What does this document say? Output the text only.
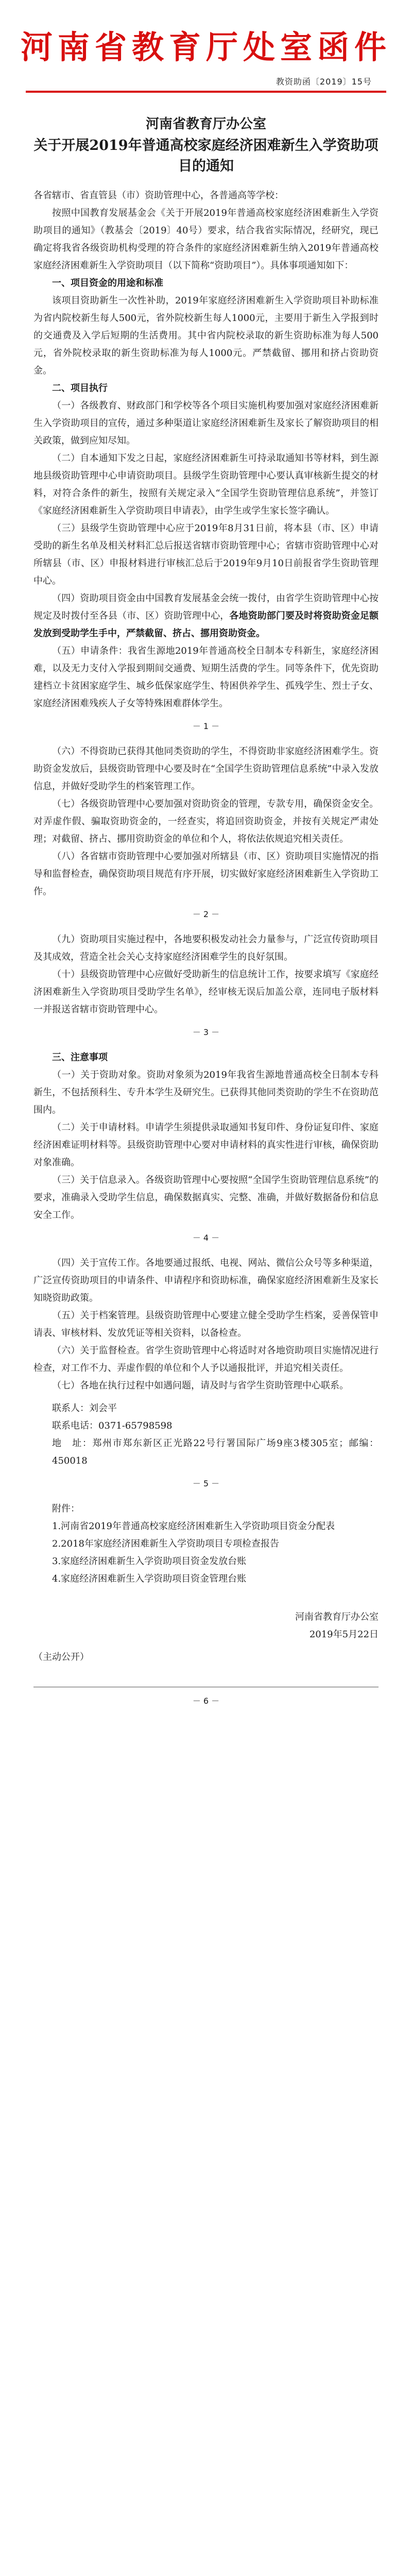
河南省教育厅处室函件
教资助函〔2019〕15号
河南省教育厅办公室
关于开展2019年普通高校家庭经济困难新生入学资助项目的通知

各省辖市、省直管县（市）资助管理中心，各普通高等学校：

按照中国教育发展基金会《关于开展2019年普通高校家庭经济困难新生入学资助项目的通知》（教基会〔2019〕40号）要求，结合我省实际情况，经研究，现已确定将我省各级资助机构受理的符合条件的家庭经济困难新生纳入2019年普通高校家庭经济困难新生入学资助项目（以下简称“资助项目”）。具体事项通知如下：

一、项目资金的用途和标准

该项目资助新生一次性补助，2019年家庭经济困难新生入学资助项目补助标准为省内院校新生每人500元，省外院校新生每人1000元，主要用于新生入学报到时的交通费及入学后短期的生活费用。其中省内院校录取的新生资助标准为每人500元，省外院校录取的新生资助标准为每人1000元。严禁截留、挪用和挤占资助资金。

二、项目执行

（一）各级教育、财政部门和学校等各个项目实施机构要加强对家庭经济困难新生入学资助项目的宣传，通过多种渠道让家庭经济困难新生及家长了解资助项目的相关政策，做到应知尽知。

（二）自本通知下发之日起，家庭经济困难新生可持录取通知书等材料，到生源地县级资助管理中心申请资助项目。县级学生资助管理中心要认真审核新生提交的材料，对符合条件的新生，按照有关规定录入“全国学生资助管理信息系统”，并签订《家庭经济困难新生入学资助项目申请表》，由学生或学生家长签字确认。

（三）县级学生资助管理中心应于2019年8月31日前，将本县（市、区）申请受助的新生名单及相关材料汇总后报送省辖市资助管理中心；省辖市资助管理中心对所辖县（市、区）申报材料进行审核汇总后于2019年9月10日前报省学生资助管理中心。

（四）资助项目资金由中国教育发展基金会统一拨付，由省学生资助管理中心按规定及时拨付至各县（市、区）资助管理中心，各地资助部门要及时将资助资金足额发放到受助学生手中，严禁截留、挤占、挪用资助资金。

（五）申请条件：我省生源地2019年普通高校全日制本专科新生，家庭经济困难，以及无力支付入学报到期间交通费、短期生活费的学生。同等条件下，优先资助建档立卡贫困家庭学生、城乡低保家庭学生、特困供养学生、孤残学生、烈士子女、家庭经济困难残疾人子女等特殊困难群体学生。

－ 1 －

（六）不得资助已获得其他同类资助的学生，不得资助非家庭经济困难学生。资助资金发放后，县级资助管理中心要及时在“全国学生资助管理信息系统”中录入发放信息，并做好受助学生的档案管理工作。

（七）各级资助管理中心要加强对资助资金的管理，专款专用，确保资金安全。对弄虚作假、骗取资助资金的，一经查实，将追回资助资金，并按有关规定严肃处理；对截留、挤占、挪用资助资金的单位和个人，将依法依规追究相关责任。

（八）各省辖市资助管理中心要加强对所辖县（市、区）资助项目实施情况的指导和监督检查，确保资助项目规范有序开展，切实做好家庭经济困难新生入学资助工作。

－ 2 －

（九）资助项目实施过程中，各地要积极发动社会力量参与，广泛宣传资助项目及其成效，营造全社会关心支持家庭经济困难学生的良好氛围。

（十）县级资助管理中心应做好受助新生的信息统计工作，按要求填写《家庭经济困难新生入学资助项目受助学生名单》，经审核无误后加盖公章，连同电子版材料一并报送省辖市资助管理中心。

－ 3 －

三、注意事项

（一）关于资助对象。资助对象须为2019年我省生源地普通高校全日制本专科新生，不包括预科生、专升本学生及研究生。已获得其他同类资助的学生不在资助范围内。

（二）关于申请材料。申请学生须提供录取通知书复印件、身份证复印件、家庭经济困难证明材料等。县级资助管理中心要对申请材料的真实性进行审核，确保资助对象准确。

（三）关于信息录入。各级资助管理中心要按照“全国学生资助管理信息系统”的要求，准确录入受助学生信息，确保数据真实、完整、准确，并做好数据备份和信息安全工作。

－ 4 －

（四）关于宣传工作。各地要通过报纸、电视、网站、微信公众号等多种渠道，广泛宣传资助项目的申请条件、申请程序和资助标准，确保家庭经济困难新生及家长知晓资助政策。

（五）关于档案管理。县级资助管理中心要建立健全受助学生档案，妥善保管申请表、审核材料、发放凭证等相关资料，以备检查。

（六）关于监督检查。省学生资助管理中心将适时对各地资助项目实施情况进行检查，对工作不力、弄虚作假的单位和个人予以通报批评，并追究相关责任。

（七）各地在执行过程中如遇问题，请及时与省学生资助管理中心联系。

联系人：刘会平

联系电话：0371-65798598

地　址：郑州市郑东新区正光路22号行署国际广场9座3楼305室；邮编：450018

－ 5 －

附件：

1.河南省2019年普通高校家庭经济困难新生入学资助项目资金分配表

2.2018年家庭经济困难新生入学资助项目专项检查报告

3.家庭经济困难新生入学资助项目资金发放台账

4.家庭经济困难新生入学资助项目资金管理台账

河南省教育厅办公室

2019年5月22日

（主动公开）

－ 6 －
